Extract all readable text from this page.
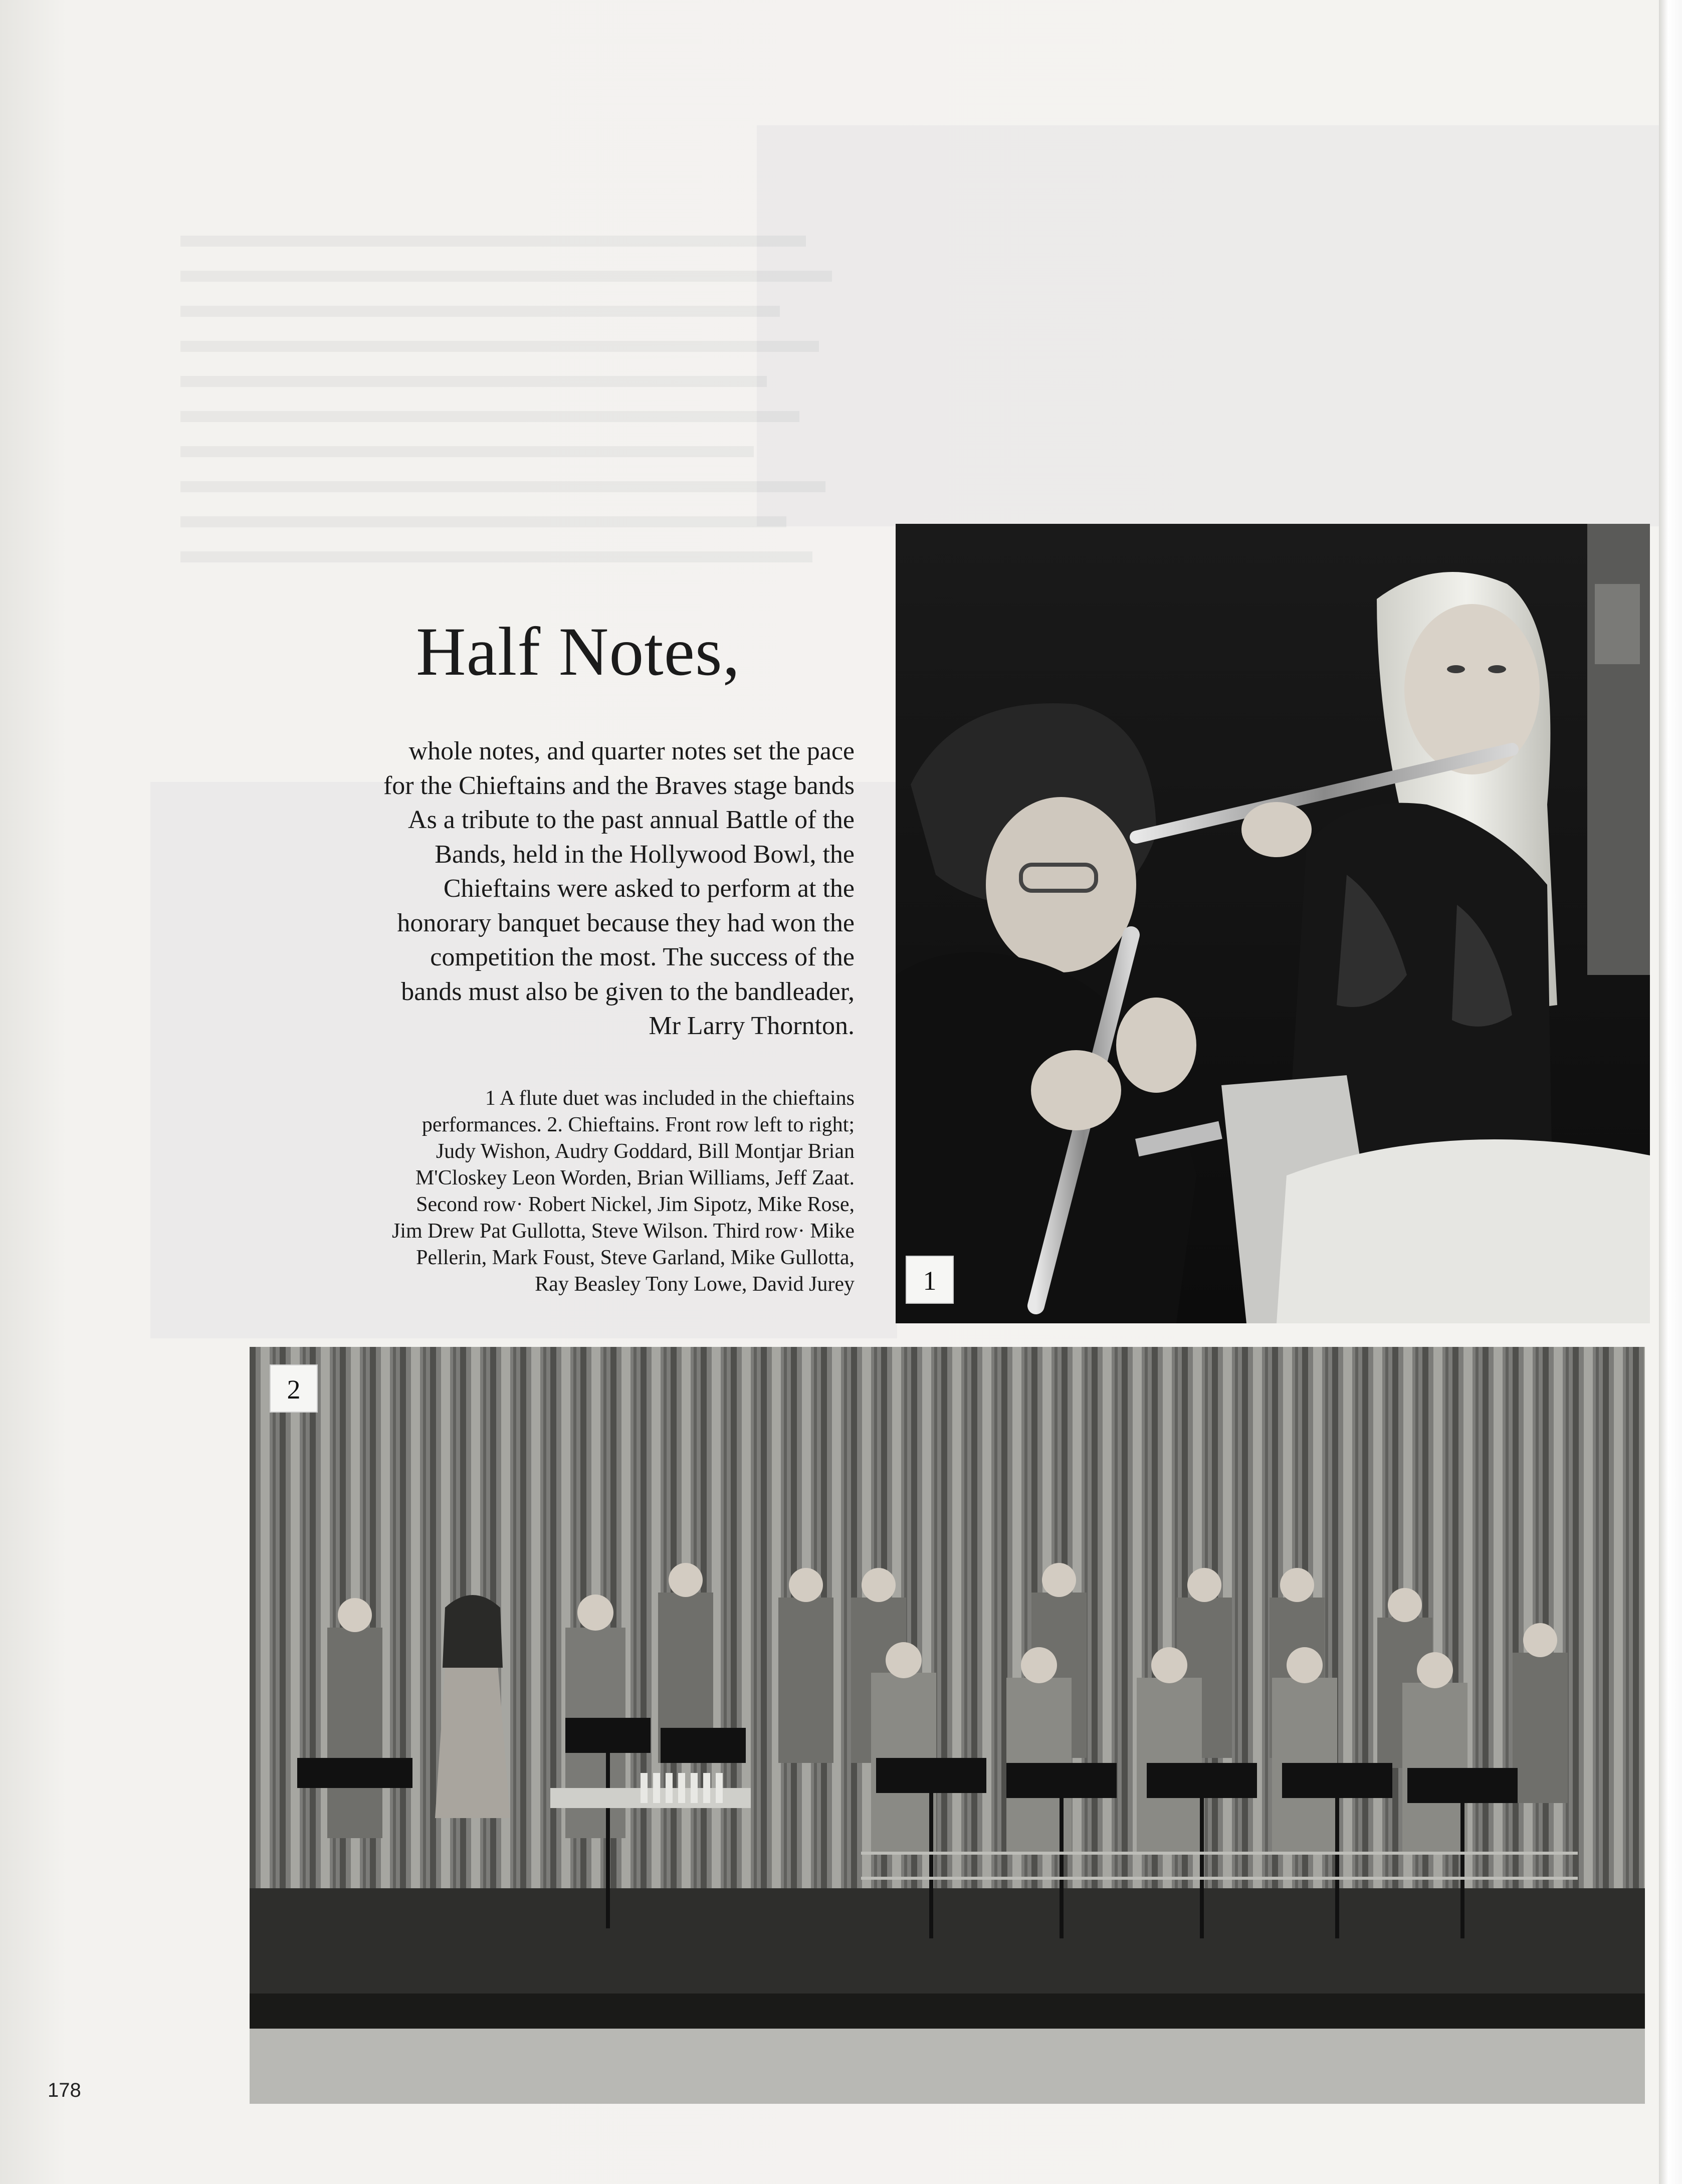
Half Notes,
whole notes, and quarter notes set the pace
for the Chieftains and the Braves stage bands
As a tribute to the past annual Battle of the
Bands, held in the Hollywood Bowl, the
Chieftains were asked to perform at the
honorary banquet because they had won the
competition the most. The success of the
bands must also be given to the bandleader,
Mr Larry Thornton.
1 A flute duet was included in the chieftains
performances. 2. Chieftains. Front row left to right;
Judy Wishon, Audry Goddard, Bill Montjar Brian
M'Closkey Leon Worden, Brian Williams, Jeff Zaat.
Second row· Robert Nickel, Jim Sipotz, Mike Rose,
Jim Drew Pat Gullotta, Steve Wilson. Third row· Mike
Pellerin, Mark Foust, Steve Garland, Mike Gullotta,
Ray Beasley Tony Lowe, David Jurey	1
2

178
